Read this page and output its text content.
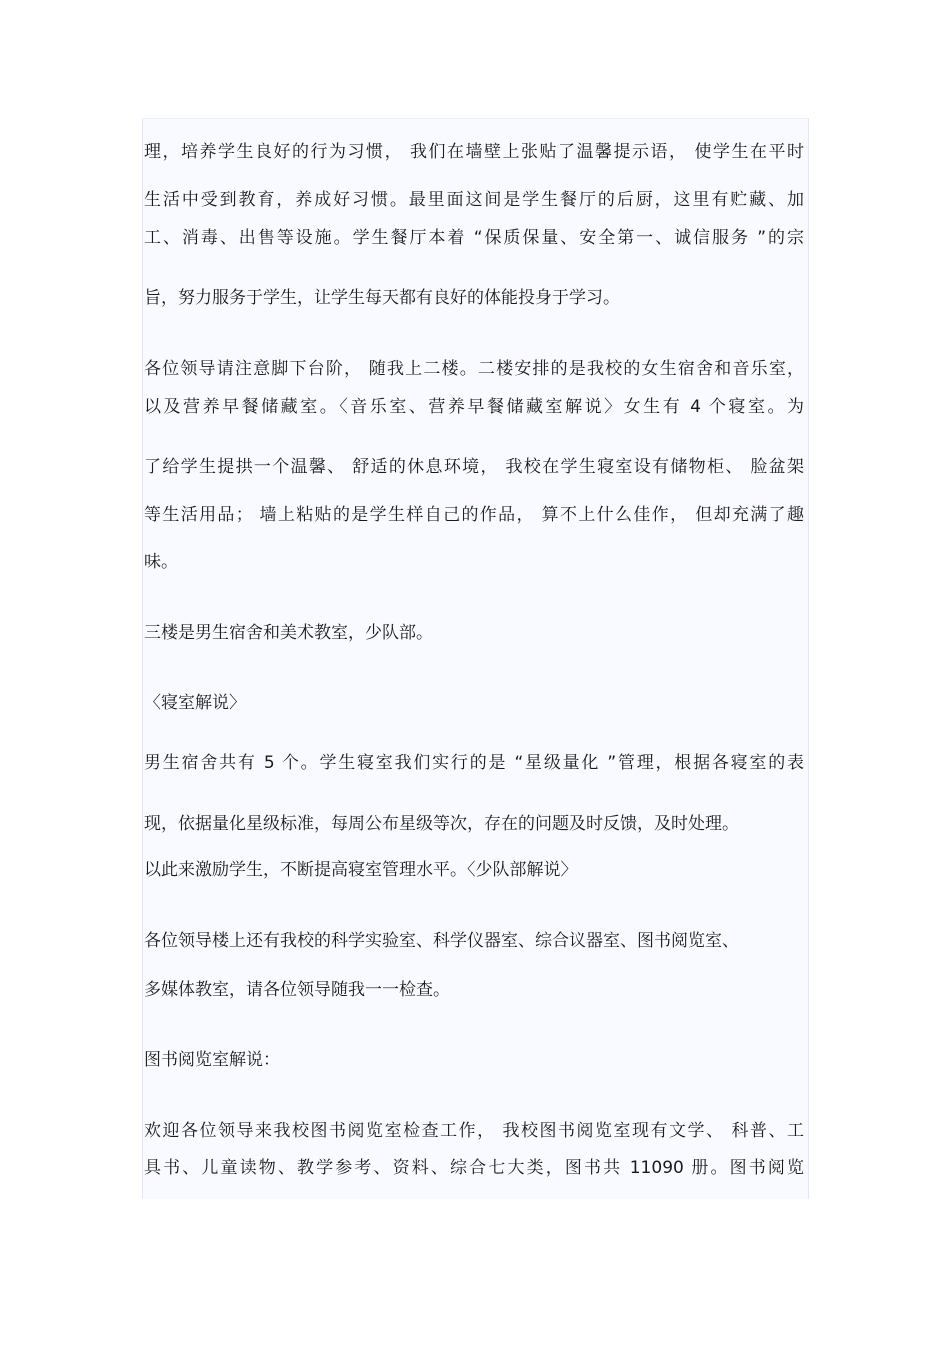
理，培养学生良好的行为习惯， 我们在墙壁上张贴了温馨提示语， 使学生在平时
生活中受到教育，养成好习惯。最里面这间是学生餐厅的后厨，这里有贮藏、加
工、消毒、出售等设施。学生餐厅本着 “保质保量、安全第一、诚信服务 ”的宗
旨，努力服务于学生，让学生每天都有良好的体能投身于学习。
各位领导请注意脚下台阶， 随我上二楼。二楼安排的是我校的女生宿舍和音乐室，
以及营养早餐储藏室。〈音乐室、营养早餐储藏室解说〉女生有 4 个寝室。为
了给学生提拱一个温馨、 舒适的休息环境， 我校在学生寝室设有储物柜、 脸盆架
等生活用品； 墙上粘贴的是学生样自己的作品， 算不上什么佳作， 但却充满了趣
味。
三楼是男生宿舍和美术教室，少队部。
〈寝室解说〉
男生宿舍共有 5 个。学生寝室我们实行的是 “星级量化 ”管理，根据各寝室的表
现，依据量化星级标准，每周公布星级等次，存在的问题及时反馈，及时处理。
以此来激励学生，不断提高寝室管理水平。〈少队部解说〉
各位领导楼上还有我校的科学实验室、科学仪器室、综合议器室、图书阅览室、
多媒体教室，请各位领导随我一一检查。
图书阅览室解说：
欢迎各位领导来我校图书阅览室检查工作， 我校图书阅览室现有文学、 科普、工
具书、儿童读物、教学参考、资料、综合七大类，图书共 11090 册。图书阅览
